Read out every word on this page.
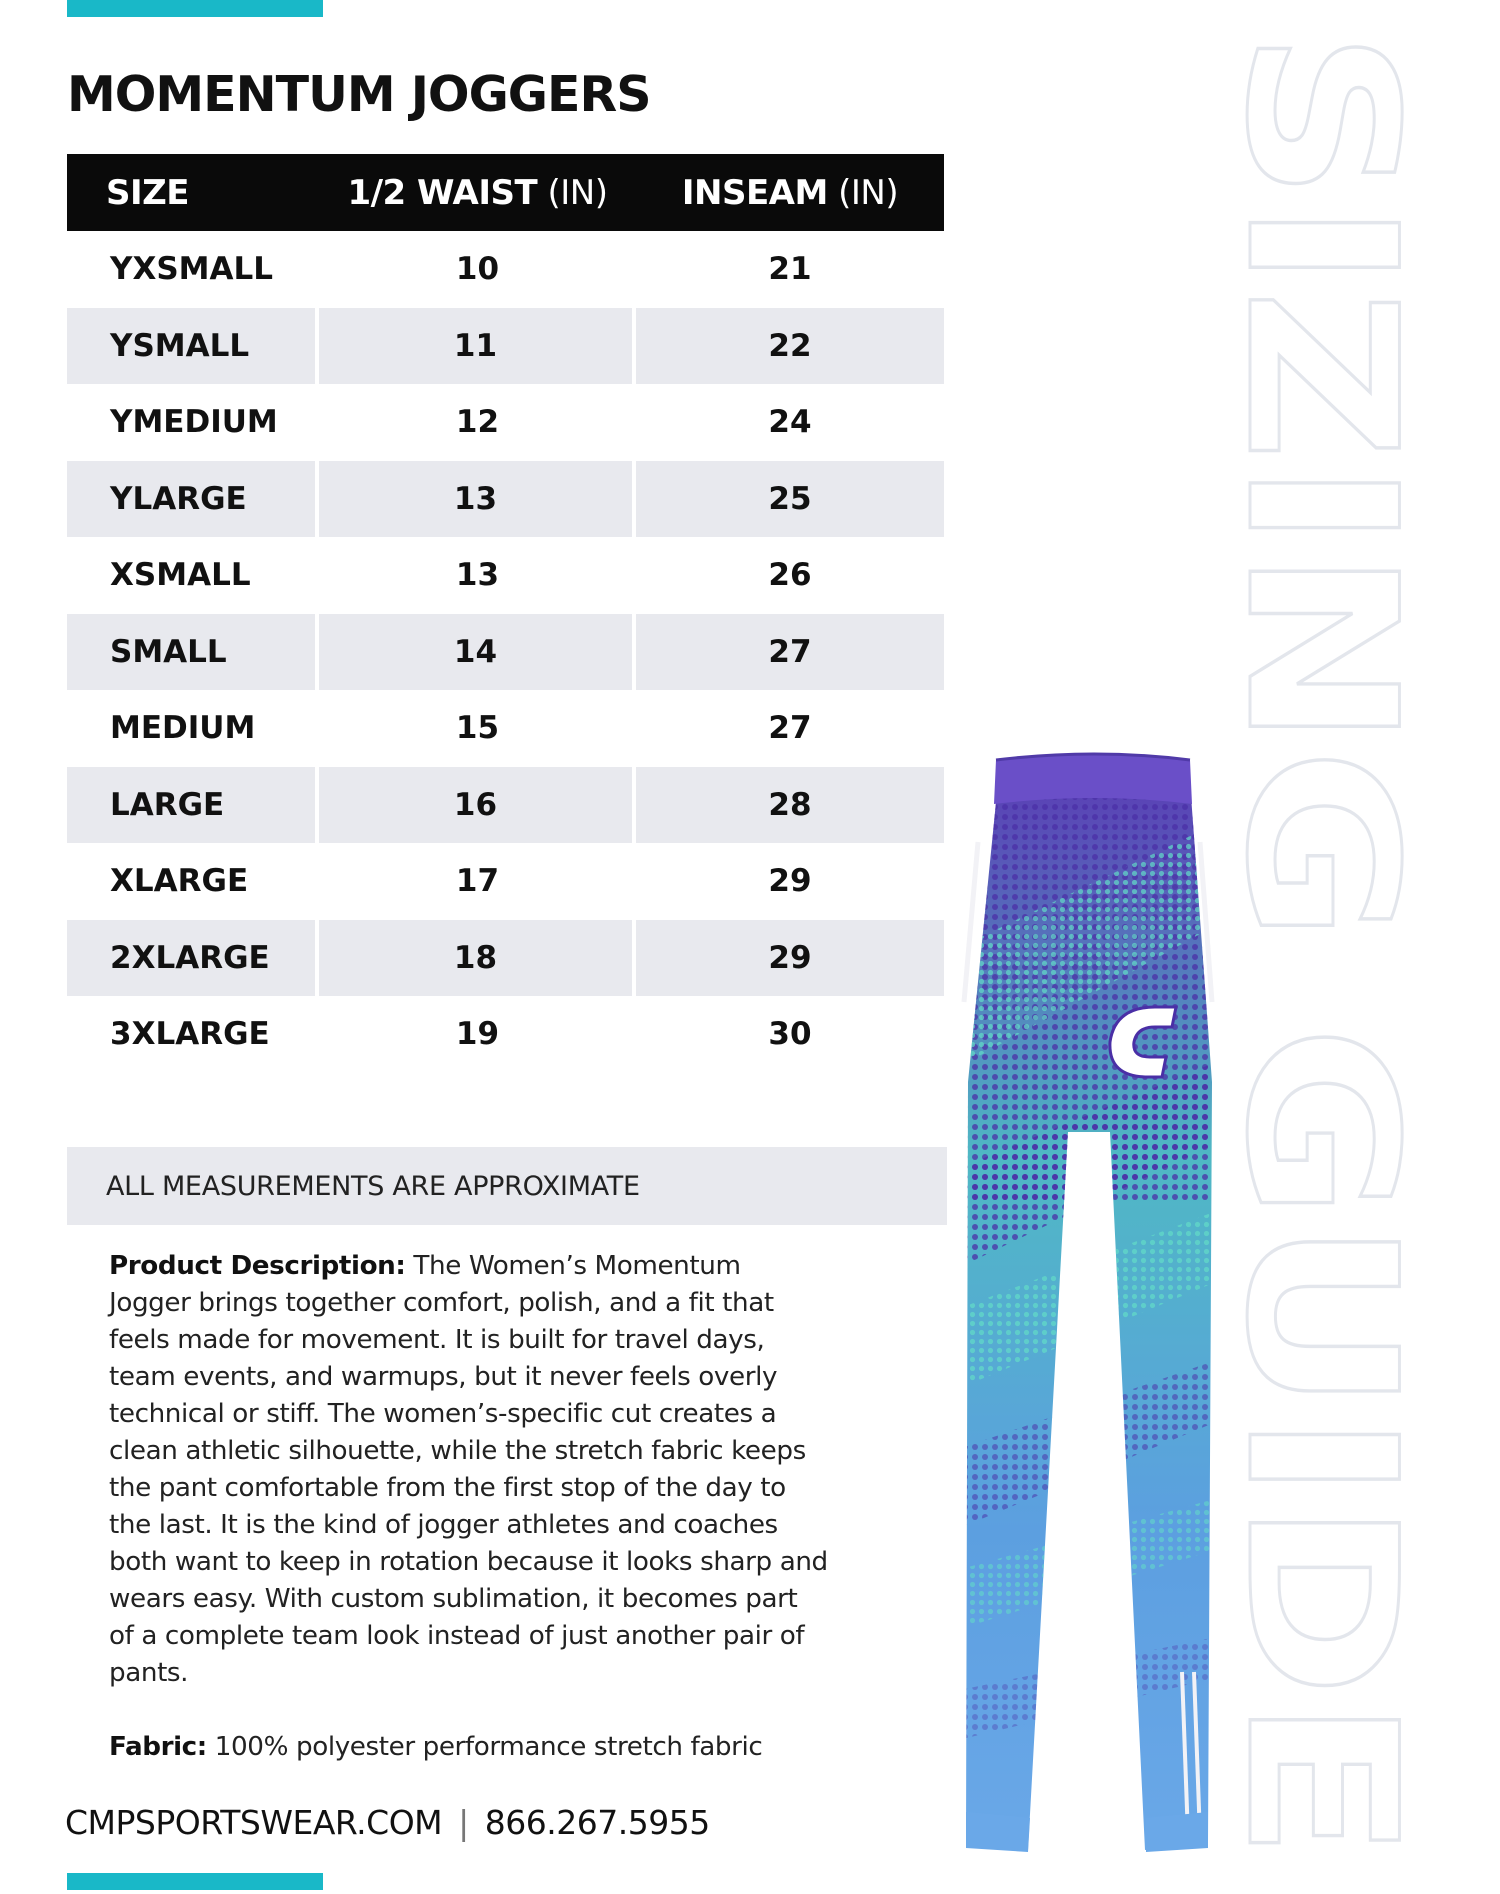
SIZING GUIDE
MOMENTUM JOGGERS
SIZE	1/2 WAIST (IN)	INSEAM (IN)
YXSMALL	10	21
YSMALL	11	22
YMEDIUM	12	24
YLARGE	13	25
XSMALL	13	26
SMALL	14	27
MEDIUM	15	27
LARGE	16	28
XLARGE	17	29
2XLARGE	18	29
3XLARGE	19	30
ALL MEASUREMENTS ARE APPROXIMATE

Product Description: The Women’s Momentum Jogger brings together comfort, polish, and a fit that feels made for movement. It is built for travel days, team events, and warmups, but it never feels overly technical or stiff. The women’s-specific cut creates a clean athletic silhouette, while the stretch fabric keeps the pant comfortable from the first stop of the day to the last. It is the kind of jogger athletes and coaches both want to keep in rotation because it looks sharp and wears easy. With custom sublimation, it becomes part of a complete team look instead of just another pair of pants.

Fabric: 100% polyester performance stretch fabric

CMPSPORTSWEAR.COM | 866.267.5955
